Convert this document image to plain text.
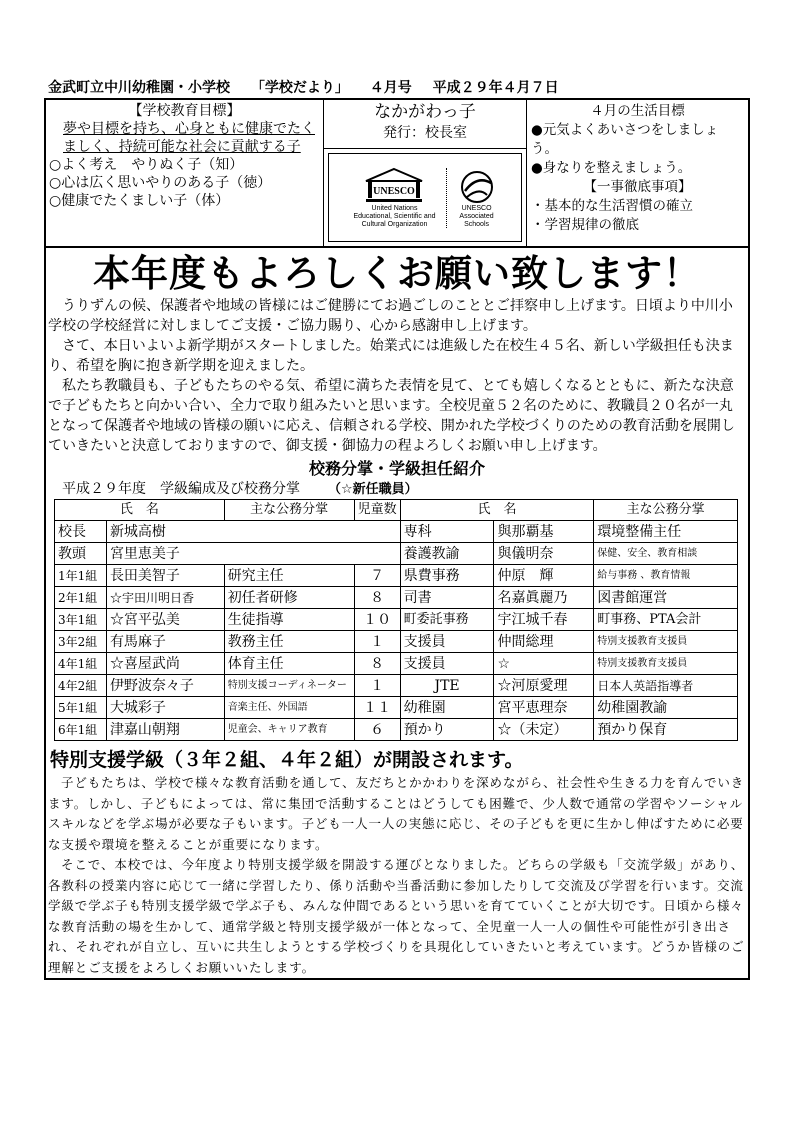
金武町立中川幼稚園・小学校 「学校だより」 ４月号 平成２９年４月７日
【学校教育目標】
夢や目標を持ち、心身ともに健康でたくましく、持続可能な社会に貢献する子
○よく考え　やりぬく子（知）
○心は広く思いやりのある子（徳）
○健康でたくましい子（体）
なかがわっ子
発行：校長室
UNESCO
United Nations
Educational, Scientific and
Cultural Organization
UNESCO
Associated
Schools
４月の生活目標
●元気よくあいさつをしましょう。
●身なりを整えましょう。
【一事徹底事項】
・基本的な生活習慣の確立
・学習規律の徹底
本年度もよろしくお願い致します！

うりずんの候、保護者や地域の皆様にはご健勝にてお過ごしのこととご拝察申し上げます。日頃より中川小学校の学校経営に対しましてご支援・ご協力賜り、心から感謝申し上げます。

さて、本日いよいよ新学期がスタートしました。始業式には進級した在校生４５名、新しい学級担任も決まり、希望を胸に抱き新学期を迎えました。

私たち教職員も、子どもたちのやる気、希望に満ちた表情を見て、とても嬉しくなるとともに、新たな決意で子どもたちと向かい合い、全力で取り組みたいと思います。全校児童５２名のために、教職員２０名が一丸となって保護者や地域の皆様の願いに応え、信頼される学校、開かれた学校づくりのための教育活動を展開していきたいと決意しておりますので、御支援・御協力の程よろしくお願い申し上げます。

校務分掌・学級担任紹介
平成２９年度　学級編成及び校務分掌 （☆新任職員）
氏　名		主な公務分掌	児童数	氏　名		主な公務分掌
校長	新城高樹			専科	與那覇基	環境整備主任
教頭	宮里恵美子			養護教諭	與儀明奈	保健、安全、教育相談
1年1組	長田美智子	研究主任	７	県費事務	仲原　輝	給与事務 、教育情報
2年1組	☆宇田川明日香	初任者研修	８	司書	名嘉眞麗乃	図書館運営
3年1組	☆宮平弘美	生徒指導	１０	町委託事務	宇江城千春	町事務、PTA会計
3年2組	有馬麻子	教務主任	１	支援員	仲間総理	特別支援教育支援員
4年1組	☆喜屋武尚	体育主任	８	支援員	☆	特別支援教育支援員
4年2組	伊野波奈々子	特別支援コーディネーター	１	JTE	☆河原愛理	日本人英語指導者
5年1組	大城彩子	音楽主任、外国語	１１	幼稚園	宮平恵理奈	幼稚園教諭
6年1組	津嘉山朝翔	児童会、キャリア教育	６	預かり	☆（未定）	預かり保育
特別支援学級（３年２組、４年２組）が開設されます。

子どもたちは、学校で様々な教育活動を通して、友だちとかかわりを深めながら、社会性や生きる力を育んでいきます。しかし、子どもによっては、常に集団で活動することはどうしても困難で、少人数で通常の学習やソーシャルスキルなどを学ぶ場が必要な子もいます。子ども一人一人の実態に応じ、その子どもを更に生かし伸ばすために必要な支援や環境を整えることが重要になります。

そこで、本校では、今年度より特別支援学級を開設する運びとなりました。どちらの学級も「交流学級」があり、各教科の授業内容に応じて一緒に学習したり、係り活動や当番活動に参加したりして交流及び学習を行います。交流学級で学ぶ子も特別支援学級で学ぶ子も、みんな仲間であるという思いを育てていくことが大切です。日頃から様々な教育活動の場を生かして、通常学級と特別支援学級が一体となって、全児童一人一人の個性や可能性が引き出され、それぞれが自立し、互いに共生しようとする学校づくりを具現化していきたいと考えています。どうか皆様のご理解とご支援をよろしくお願いいたします。
